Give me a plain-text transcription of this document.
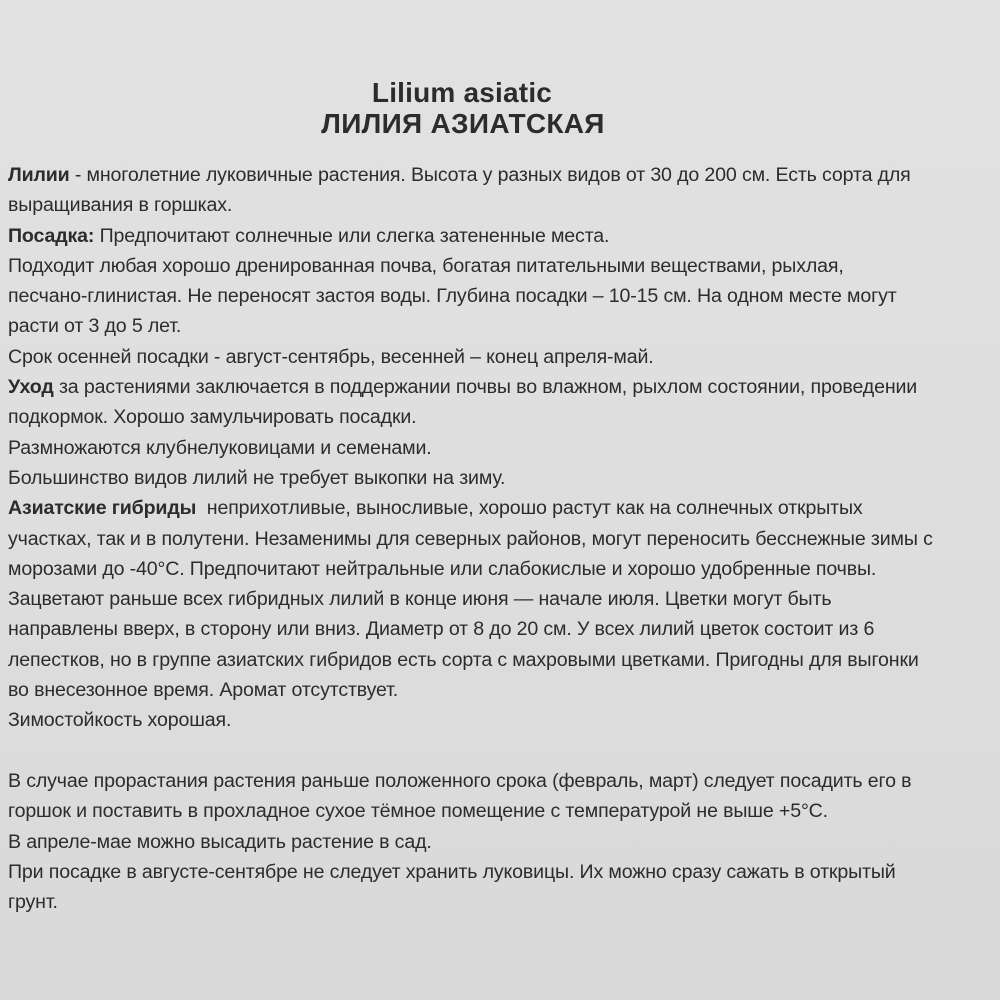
Lilium asiatic
ЛИЛИЯ АЗИАТСКАЯ
Лилии - многолетние луковичные растения. Высота у разных видов от 30 до 200 см. Есть сорта для
выращивания в горшках.
Посадка: Предпочитают солнечные или слегка затененные места.
Подходит любая хорошо дренированная почва, богатая питательными веществами, рыхлая,
песчано-глинистая. Не переносят застоя воды. Глубина посадки – 10-15 см. На одном месте могут
расти от 3 до 5 лет.
Срок осенней посадки - август-сентябрь, весенней – конец апреля-май.
Уход за растениями заключается в поддержании почвы во влажном, рыхлом состоянии, проведении
подкормок. Хорошо замульчировать посадки.
Размножаются клубнелуковицами и семенами.
Большинство видов лилий не требует выкопки на зиму.
Азиатские гибриды  неприхотливые, выносливые, хорошо растут как на солнечных открытых
участках, так и в полутени. Незаменимы для северных районов, могут переносить бесснежные зимы с
морозами до -40°С. Предпочитают нейтральные или слабокислые и хорошо удобренные почвы.
Зацветают раньше всех гибридных лилий в конце июня — начале июля. Цветки могут быть
направлены вверх, в сторону или вниз. Диаметр от 8 до 20 см. У всех лилий цветок состоит из 6
лепестков, но в группе азиатских гибридов есть сорта с махровыми цветками. Пригодны для выгонки
во внесезонное время. Аромат отсутствует.
Зимостойкость хорошая.
В случае прорастания растения раньше положенного срока (февраль, март) следует посадить его в
горшок и поставить в прохладное сухое тёмное помещение с температурой не выше +5°С.
В апреле-мае можно высадить растение в сад.
При посадке в августе-сентябре не следует хранить луковицы. Их можно сразу сажать в открытый
грунт.
